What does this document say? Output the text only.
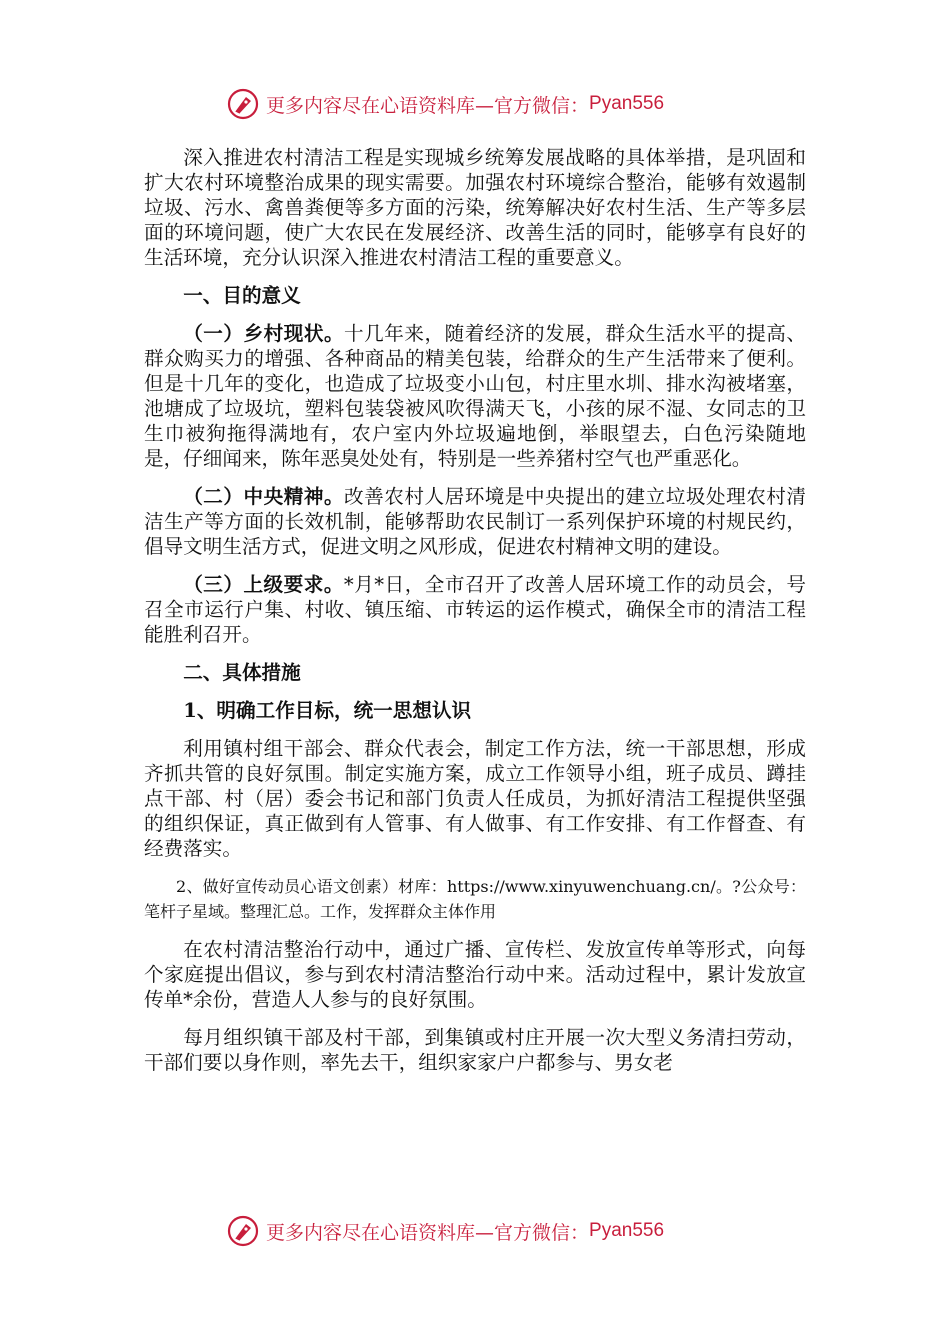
更多内容尽在心语资料库—官方微信： Pyan556

深入推进农村清洁工程是实现城乡统筹发展战略的具体举措，是巩固和扩大农村环境整治成果的现实需要。加强农村环境综合整治，能够有效遏制垃圾、污水、禽兽粪便等多方面的污染，统筹解决好农村生活、生产等多层面的环境问题，使广大农民在发展经济、改善生活的同时，能够享有良好的生活环境，充分认识深入推进农村清洁工程的重要意义。

一、目的意义

（一）乡村现状。十几年来，随着经济的发展，群众生活水平的提高、群众购买力的增强、各种商品的精美包装，给群众的生产生活带来了便利。但是十几年的变化，也造成了垃圾变小山包，村庄里水圳、排水沟被堵塞，池塘成了垃圾坑，塑料包装袋被风吹得满天飞，小孩的尿不湿、女同志的卫生巾被狗拖得满地有，农户室内外垃圾遍地倒，举眼望去，白色污染随地是，仔细闻来，陈年恶臭处处有，特别是一些养猪村空气也严重恶化。

（二）中央精神。改善农村人居环境是中央提出的建立垃圾处理农村清洁生产等方面的长效机制，能够帮助农民制订一系列保护环境的村规民约，倡导文明生活方式，促进文明之风形成，促进农村精神文明的建设。

（三）上级要求。*月*日，全市召开了改善人居环境工作的动员会，号召全市运行户集、村收、镇压缩、市转运的运作模式，确保全市的清洁工程能胜利召开。

二、具体措施
1、明确工作目标，统一思想认识

利用镇村组干部会、群众代表会，制定工作方法，统一干部思想，形成齐抓共管的良好氛围。制定实施方案，成立工作领导小组，班子成员、蹲挂点干部、村（居）委会书记和部门负责人任成员，为抓好清洁工程提供坚强的组织保证，真正做到有人管事、有人做事、有工作安排、有工作督查、有经费落实。

2、做好宣传动员心语文创素）材库：https://www.xinyuwenchuang.cn/。?公众号：笔杆子星域。整理汇总。工作，发挥群众主体作用

在农村清洁整治行动中，通过广播、宣传栏、发放宣传单等形式，向每个家庭提出倡议，参与到农村清洁整治行动中来。活动过程中，累计发放宣传单*余份，营造人人参与的良好氛围。

每月组织镇干部及村干部，到集镇或村庄开展一次大型义务清扫劳动，干部们要以身作则，率先去干，组织家家户户都参与、男女老

更多内容尽在心语资料库—官方微信： Pyan556
